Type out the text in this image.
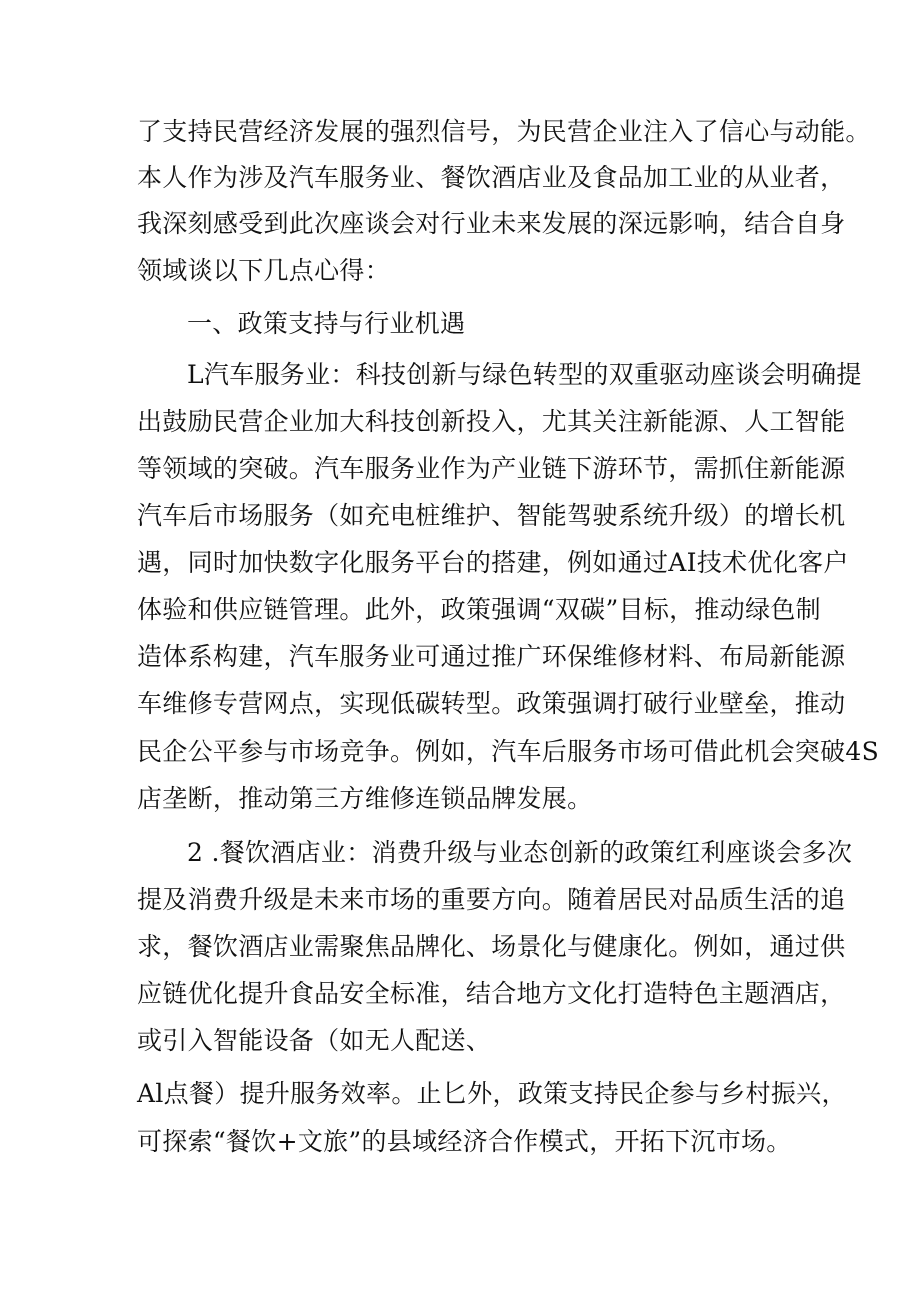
了支持民营经济发展的强烈信号，为民营企业注入了信心与动能。
本人作为涉及汽车服务业、餐饮酒店业及食品加工业的从业者，
我深刻感受到此次座谈会对行业未来发展的深远影响，结合自身
领域谈以下几点心得：
一、政策支持与行业机遇
L汽车服务业：科技创新与绿色转型的双重驱动座谈会明确提
出鼓励民营企业加大科技创新投入，尤其关注新能源、人工智能
等领域的突破。汽车服务业作为产业链下游环节，需抓住新能源
汽车后市场服务（如充电桩维护、智能驾驶系统升级）的增长机
遇，同时加快数字化服务平台的搭建，例如通过AI技术优化客户
体验和供应链管理。此外，政策强调“双碳”目标，推动绿色制
造体系构建，汽车服务业可通过推广环保维修材料、布局新能源
车维修专营网点，实现低碳转型。政策强调打破行业壁垒，推动
民企公平参与市场竞争。例如，汽车后服务市场可借此机会突破4S
店垄断，推动第三方维修连锁品牌发展。
2 .餐饮酒店业：消费升级与业态创新的政策红利座谈会多次
提及消费升级是未来市场的重要方向。随着居民对品质生活的追
求，餐饮酒店业需聚焦品牌化、场景化与健康化。例如，通过供
应链优化提升食品安全标准，结合地方文化打造特色主题酒店，
或引入智能设备（如无人配送、
Al点餐）提升服务效率。止匕外，政策支持民企参与乡村振兴，
可探索“餐饮+文旅”的县域经济合作模式，开拓下沉市场。
